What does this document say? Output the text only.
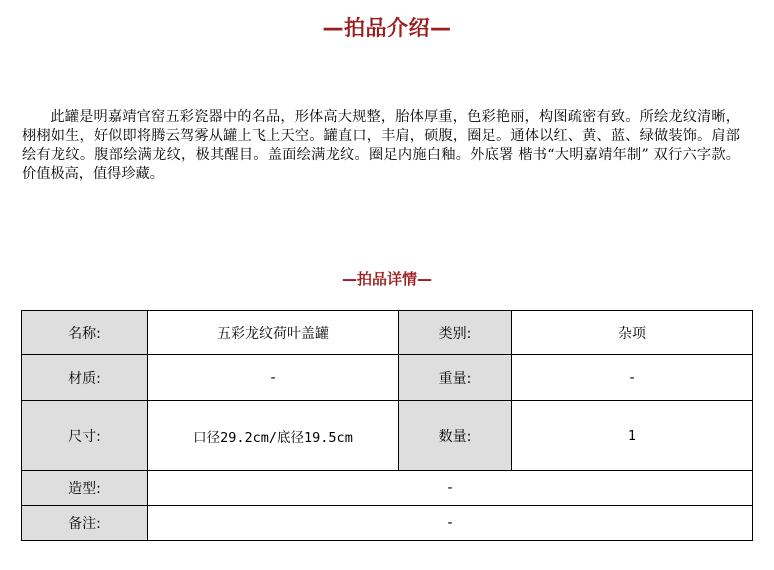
—拍品介绍—
此罐是明嘉靖官窑五彩瓷器中的名品，形体高大规整，胎体厚重，色彩艳丽，构图疏密有致。所绘龙纹清晰，栩栩如生，好似即将腾云驾雾从罐上飞上天空。罐直口，丰肩，硕腹，圈足。通体以红、黄、蓝、绿做装饰。肩部绘有龙纹。腹部绘满龙纹，极其醒目。盖面绘满龙纹。圈足内施白釉。外底署 楷书“大明嘉靖年制” 双行六字款。价值极高，值得珍藏。
—拍品详情—
名称:	五彩龙纹荷叶盖罐	类别:	杂项
材质:	-	重量:	-
尺寸:	口径29.2cm/底径19.5cm	数量:	1
造型:	-		
备注:	-		
